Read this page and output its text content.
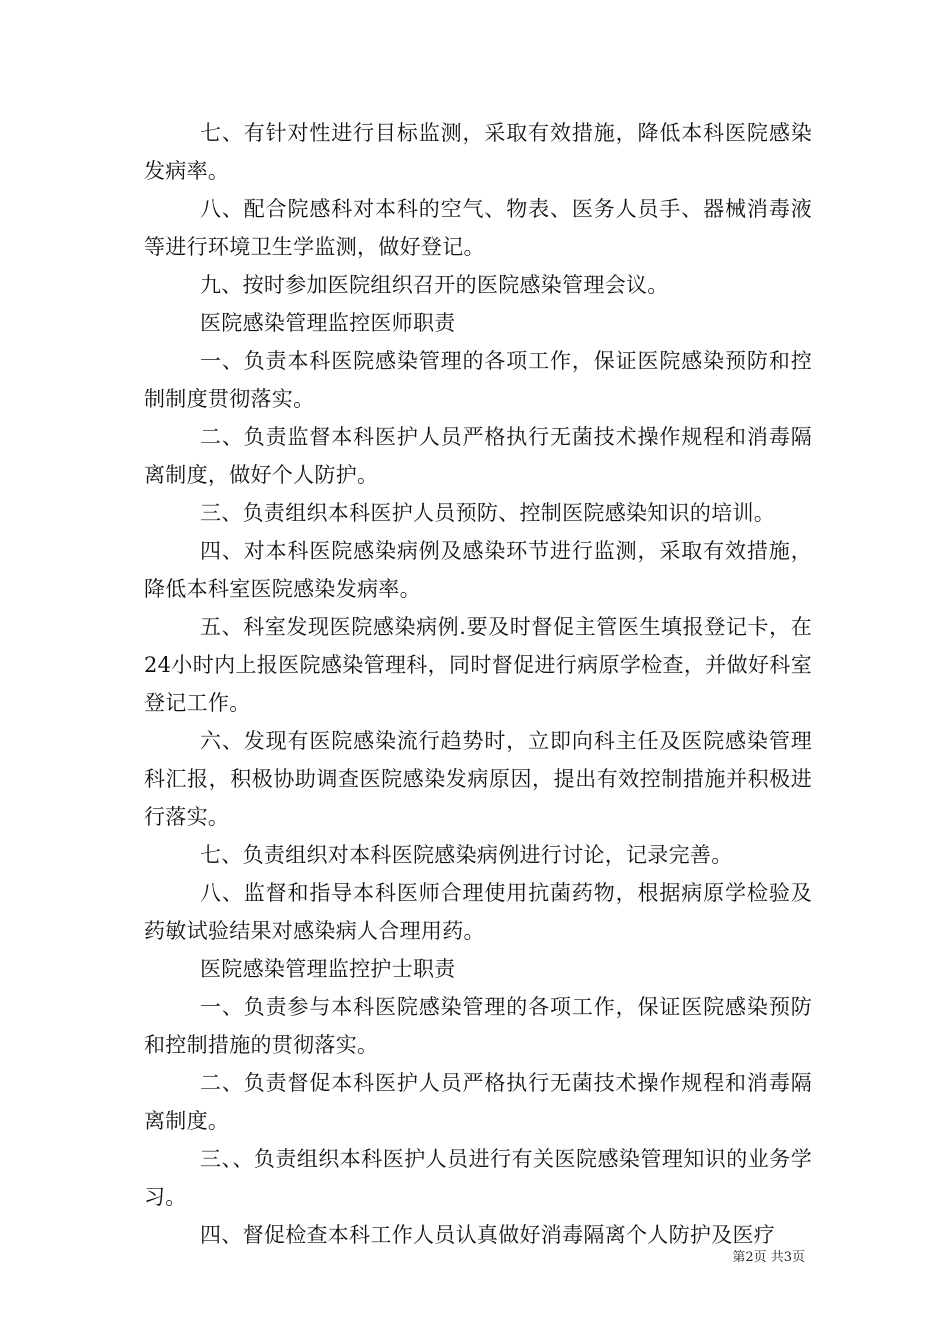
七、有针对性进行目标监测，采取有效措施，降低本科医院感染发病率。

八、配合院感科对本科的空气、物表、医务人员手、器械消毒液等进行环境卫生学监测，做好登记。

九、按时参加医院组织召开的医院感染管理会议。

医院感染管理监控医师职责

一、负责本科医院感染管理的各项工作，保证医院感染预防和控制制度贯彻落实。

二、负责监督本科医护人员严格执行无菌技术操作规程和消毒隔离制度，做好个人防护。

三、负责组织本科医护人员预防、控制医院感染知识的培训。

四、对本科医院感染病例及感染环节进行监测，采取有效措施，降低本科室医院感染发病率。

五、科室发现医院感染病例.要及时督促主管医生填报登记卡，在24小时内上报医院感染管理科，同时督促进行病原学检查，并做好科室登记工作。

六、发现有医院感染流行趋势时，立即向科主任及医院感染管理科汇报，积极协助调查医院感染发病原因，提出有效控制措施并积极进行落实。

七、负责组织对本科医院感染病例进行讨论，记录完善。

八、监督和指导本科医师合理使用抗菌药物，根据病原学检验及药敏试验结果对感染病人合理用药。

医院感染管理监控护士职责

一、负责参与本科医院感染管理的各项工作，保证医院感染预防和控制措施的贯彻落实。

二、负责督促本科医护人员严格执行无菌技术操作规程和消毒隔离制度。

三、、负责组织本科医护人员进行有关医院感染管理知识的业务学习。

四、督促检查本科工作人员认真做好消毒隔离个人防护及医疗

第2页 共3页
